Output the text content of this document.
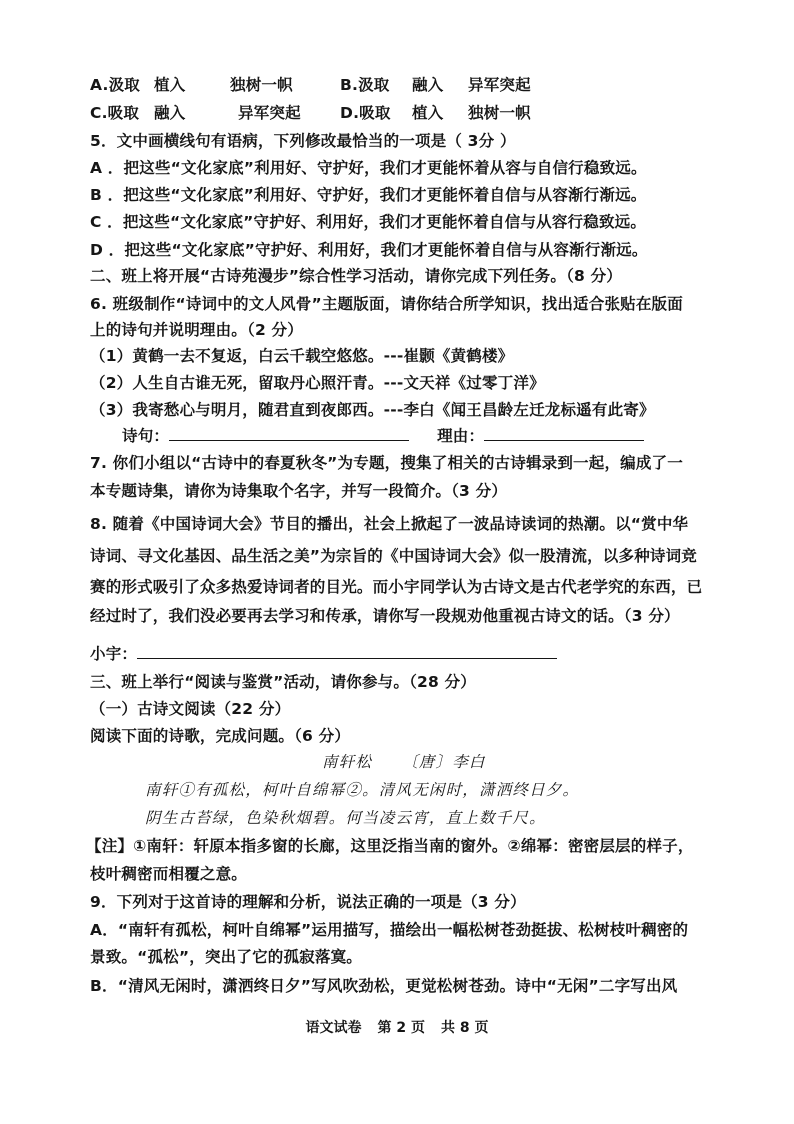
A.汲取 植入	独树一帜	B.汲取 融入 异军突起
C.吸取 融入	异军突起	D.吸取 植入 独树一帜
5．文中画横线句有语病，下列修改最恰当的一项是（ 3分 ）
A ．把这些“文化家底”利用好、守护好，我们才更能怀着从容与自信行稳致远。
B ．把这些“文化家底”利用好、守护好，我们才更能怀着自信与从容渐行渐远。
C ．把这些“文化家底”守护好、利用好，我们才更能怀着自信与从容行稳致远。
D ．把这些“文化家底”守护好、利用好，我们才更能怀着自信与从容渐行渐远。
二、班上将开展“古诗苑漫步”综合性学习活动，请你完成下列任务。（8 分）
6. 班级制作“诗词中的文人风骨”主题版面，请你结合所学知识，找出适合张贴在版面
上的诗句并说明理由。（2 分）
（1）黄鹤一去不复返，白云千载空悠悠。---崔颢《黄鹤楼》
（2）人生自古谁无死，留取丹心照汗青。---文天祥《过零丁洋》
（3）我寄愁心与明月，随君直到夜郎西。---李白《闻王昌龄左迁龙标遥有此寄》
诗句：	理由：
7. 你们小组以“古诗中的春夏秋冬”为专题，搜集了相关的古诗辑录到一起，编成了一
本专题诗集，请你为诗集取个名字，并写一段简介。（3 分）
8. 随着《中国诗词大会》节目的播出，社会上掀起了一波品诗读词的热潮。以“赏中华
诗词、寻文化基因、品生活之美”为宗旨的《中国诗词大会》似一股清流，以多种诗词竞
赛的形式吸引了众多热爱诗词者的目光。而小宇同学认为古诗文是古代老学究的东西，已
经过时了，我们没必要再去学习和传承，请你写一段规劝他重视古诗文的话。（3 分）
小宇：
三、班上举行“阅读与鉴赏”活动，请你参与。（28 分）
（一）古诗文阅读（22 分）
阅读下面的诗歌，完成问题。（6 分）
南轩松 〔唐〕李白
南轩①有孤松，柯叶自绵幂②。清风无闲时，潇洒终日夕。
阴生古苔绿，色染秋烟碧。何当凌云宵，直上数千尺。
【注】①南轩：轩原本指多窗的长廊，这里泛指当南的窗外。②绵幂：密密层层的样子，
枝叶稠密而相覆之意。
9．下列对于这首诗的理解和分析，说法正确的一项是（3 分）
A．“南轩有孤松，柯叶自绵幂”运用描写，描绘出一幅松树苍劲挺拔、松树枝叶稠密的
景致。“孤松”，突出了它的孤寂落寞。
B．“清风无闲时，潇洒终日夕”写风吹劲松，更觉松树苍劲。诗中“无闲”二字写出风
语文试卷 第 2 页 共 8 页
